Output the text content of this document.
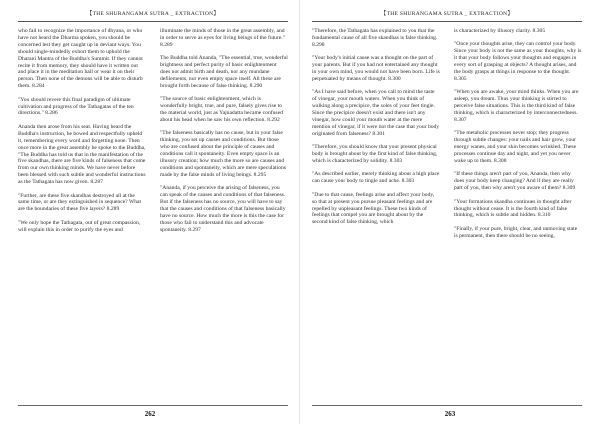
【THE SHURANGAMA SUTRA _ EXTRACTION】

who fail to recognize the importance of dhyana, or who have not heard the Dharma spoken, you should be concerned lest they get caught up in deviant ways. You should single-mindedly exhort them to uphold the Dharani Mantra of the Buddha's Summit. If they cannot recite it from memory, they should have it written out and place it in the meditation hall or wear it on their person. Then none of the demons will be able to disturb them. 8.284

"You should revere this final paradigm of ultimate cultivation and progress of the Tathagatas of the ten directions." 8.286

Ananda then arose from his seat. Having heard the Buddha's instruction, he bowed and respectfully upheld it, remembering every word and forgetting none. Then once more in the great assembly he spoke to the Buddha, "The Buddha has told us that in the manifestation of the five skandhas, there are five kinds of falseness that come from our own thinking minds. We have never before been blessed with such subtle and wonderful instructions as the Tathagata has now given. 8.287

"Further, are these five skandhas destroyed all at the same time, or are they extinguished in sequence? What are the boundaries of these five layers? 8.289

"We only hope the Tathagata, out of great compassion, will explain this in order to purify the eyes and

illuminate the minds of those in the great assembly, and in order to serve as eyes for living beings of the future." 8.289

The Buddha told Ananda, "The essential, true, wonderful brightness and perfect purity of basic enlightenment does not admit birth and death, nor any mundane defilements, nor even empty space itself. All these are brought forth because of false thinking. 8.290

"The source of basic enlightenment, which is wonderfully bright, true, and pure, falsely gives rise to the material world, just as Yajnadatta became confused about his head when he saw his own reflection. 8.292

"The falseness basically has no cause, but in your false thinking, you set up causes and conditions. But those who are confused about the principle of causes and conditions call it spontaneity. Even empty space is an illusory creation; how much the more so are causes and conditions and spontaneity, which are mere speculations made by the false minds of living beings. 8.295

"Ananda, if you perceive the arising of falseness, you can speak of the causes and conditions of that falseness. But if the falseness has no source, you will have to say that the causes and conditions of that falseness basically have no source. How much the more is this the case for those who fail to understand this and advocate spontaneity. 8.297

262
【THE SHURANGAMA SUTRA _ EXTRACTION】

"Therefore, the Tathagata has explained to you that the fundamental cause of all five skandhas is false thinking. 8.298

"Your body's initial cause was a thought on the part of your parents. But if you had not entertained any thought in your own mind, you would not have been born. Life is perpetuated by means of thought. 8.300

"As I have said before, when you call to mind the taste of vinegar, your mouth waters. When you think of walking along a precipice, the soles of your feet tingle. Since the precipice doesn't exist and there isn't any vinegar, how could your mouth water at the mere mention of vinegar, if it were not the case that your body originated from falseness? 8.301

"Therefore, you should know that your present physical body is brought about by the first kind of false thinking, which is characterized by solidity. 8.303

"As described earlier, merely thinking about a high place can cause your body to tingle and ache. 8.303

"Due to that cause, feelings arise and affect your body, so that at present you pursue pleasant feelings and are repelled by unpleasant feelings. These two kinds of feelings that compel you are brought about by the second kind of false thinking, which

is characterized by illusory clarity. 8.305

"Once your thoughts arise, they can control your body. Since your body is not the same as your thoughts, why is it that your body follows your thoughts and engages in every sort of grasping at objects? A thought arises, and the body grasps at things in response to the thought. 8.305

"When you are awake, your mind thinks. When you are asleep, you dream. Thus your thinking is stirred to perceive false situations. This is the third kind of false thinking, which is characterized by interconnectedness. 8.307

"The metabolic processes never stop; they progress through subtle changes: your nails and hair grow, your energy wanes, and your skin becomes wrinkled. These processes continue day and night, and yet you never wake up to them. 8.308

"If these things aren't part of you, Ananda, then why does your body keep changing? And if they are really part of you, then why aren't you aware of them? 8.309

"Your formations skandha continues in thought after thought without cease. It is the fourth kind of false thinking, which is subtle and hidden. 8.310

"Finally, if your pure, bright, clear, and unmoving state is permanent, then there should be no seeing,

263
